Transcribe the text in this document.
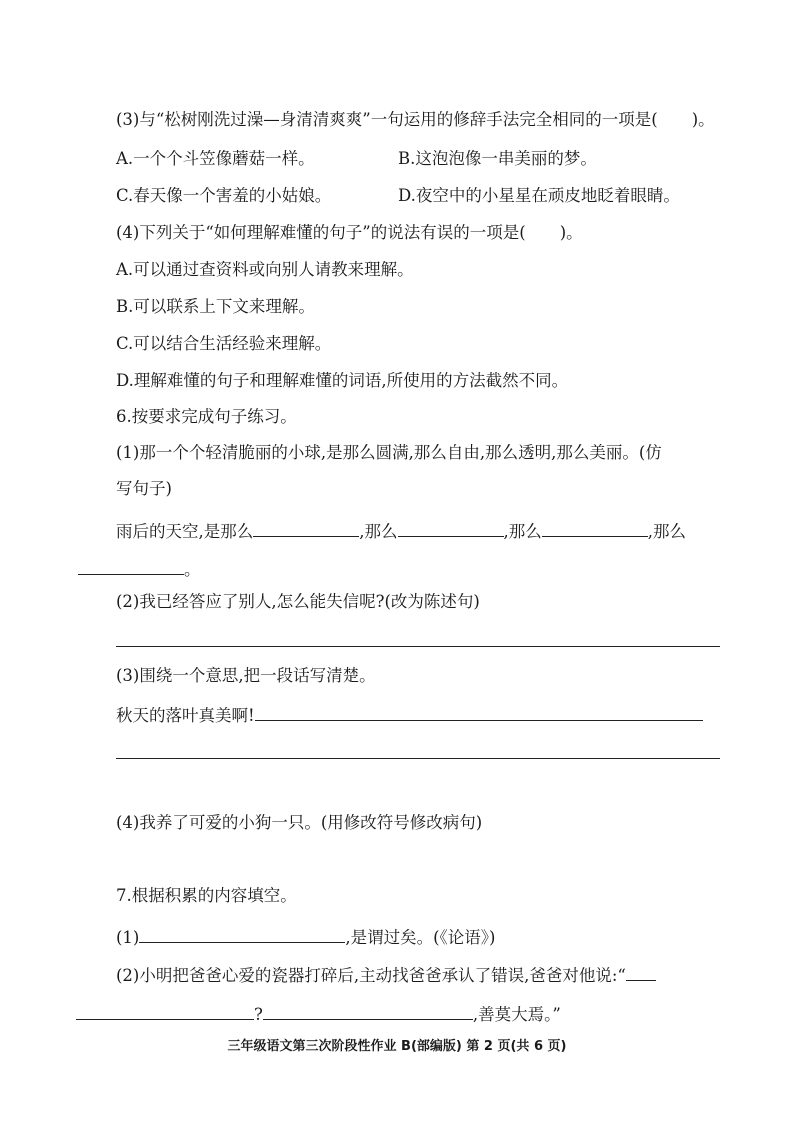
(3)与“松树刚洗过澡—身清清爽爽”一句运用的修辞手法完全相同的一项是( )。
A.一个个斗笠像蘑菇一样。	B.这泡泡像一串美丽的梦。
C.春天像一个害羞的小姑娘。	D.夜空中的小星星在顽皮地眨着眼睛。
(4)下列关于“如何理解难懂的句子”的说法有误的一项是( )。
A.可以通过查资料或向别人请教来理解。
B.可以联系上下文来理解。
C.可以结合生活经验来理解。
D.理解难懂的句子和理解难懂的词语,所使用的方法截然不同。
6.按要求完成句子练习。
(1)那一个个轻清脆丽的小球,是那么圆满,那么自由,那么透明,那么美丽。(仿
写句子)
雨后的天空,是那么	,那么	,那么	,那么
。
(2)我已经答应了别人,怎么能失信呢?(改为陈述句)
(3)围绕一个意思,把一段话写清楚。
秋天的落叶真美啊!
(4)我养了可爱的小狗一只。(用修改符号修改病句)
7.根据积累的内容填空。
(1)	,是谓过矣。(《论语》)
(2)小明把爸爸心爱的瓷器打碎后,主动找爸爸承认了错误,爸爸对他说:“
?	,善莫大焉。”
三年级语文第三次阶段性作业 B(部编版) 第 2 页(共 6 页)
